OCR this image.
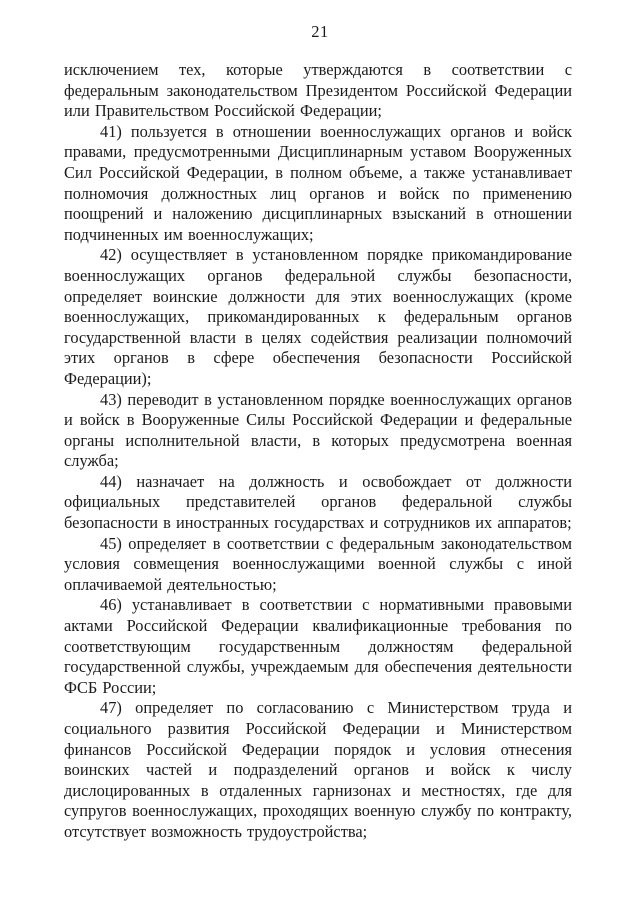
21

исключением тех, которые утверждаются в соответствии с федеральным законодательством Президентом Российской Федерации или Правительством Российской Федерации;

41) пользуется в отношении военнослужащих органов и войск правами, предусмотренными Дисциплинарным уставом Вооруженных Сил Российской Федерации, в полном объеме, а также устанавливает полномочия должностных лиц органов и войск по применению поощрений и наложению дисциплинарных взысканий в отношении подчиненных им военнослужащих;

42) осуществляет в установленном порядке прикомандирование военнослужащих органов федеральной службы безопасности, определяет воинские должности для этих военнослужащих (кроме военнослужащих, прикомандированных к федеральным органов государственной власти в целях содействия реализации полномочий этих органов в сфере обеспечения безопасности Российской Федерации);

43) переводит в установленном порядке военнослужащих органов и войск в Вооруженные Силы Российской Федерации и федеральные органы исполнительной власти, в которых предусмотрена военная служба;

44) назначает на должность и освобождает от должности официальных представителей органов федеральной службы безопасности в иностранных государствах и сотрудников их аппаратов;

45) определяет в соответствии с федеральным законодательством условия совмещения военнослужащими военной службы с иной оплачиваемой деятельностью;

46) устанавливает в соответствии с нормативными правовыми актами Российской Федерации квалификационные требования по соответствующим государственным должностям федеральной государственной службы, учреждаемым для обеспечения деятельности ФСБ России;

47) определяет по согласованию с Министерством труда и социального развития Российской Федерации и Министерством финансов Российской Федерации порядок и условия отнесения воинских частей и подразделений органов и войск к числу дислоцированных в отдаленных гарнизонах и местностях, где для супругов военнослужащих, проходящих военную службу по контракту, отсутствует возможность трудоустройства;
